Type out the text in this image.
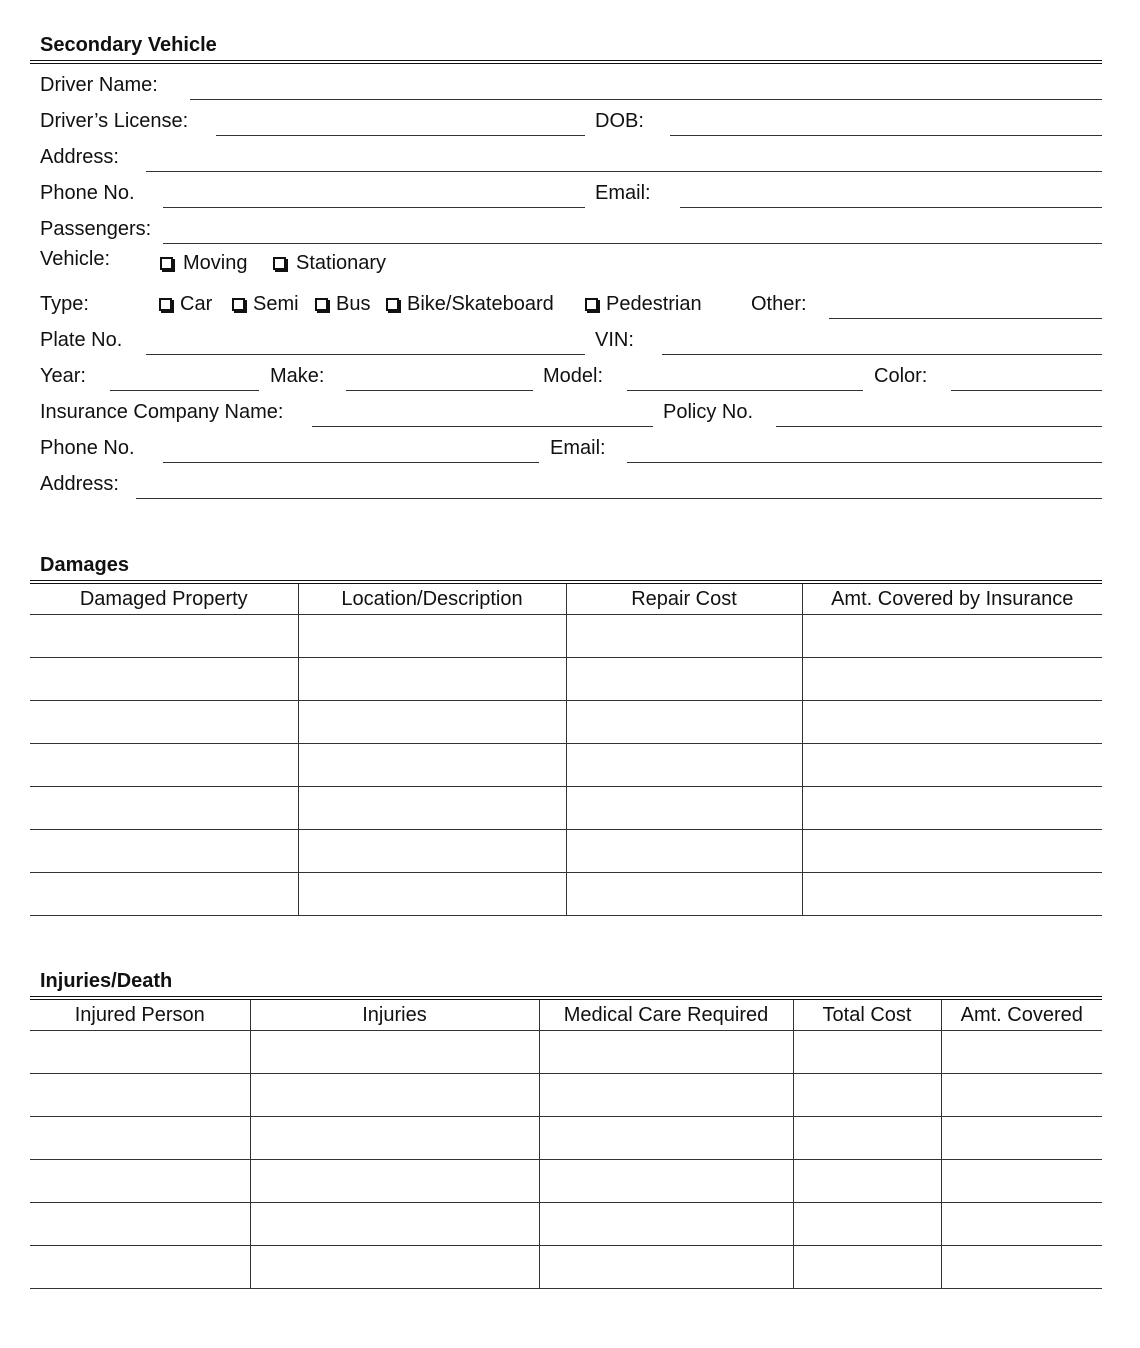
Secondary Vehicle
Driver Name:
Driver’s License:	DOB:
Address:
Phone No.	Email:
Passengers:
Vehicle:	Moving Stationary
Type:	Car Semi Bus Bike/Skateboard	Pedestrian Other:
Plate No.	VIN:
Year:	Make:	Model:	Color:
Insurance Company Name:	Policy No.
Phone No.	Email:
Address:
Damages
Damaged Property	Location/Description	Repair Cost	Amt. Covered by Insurance

Injuries/Death
Injured Person	Injuries	Medical Care Required	Total Cost	Amt. Covered
